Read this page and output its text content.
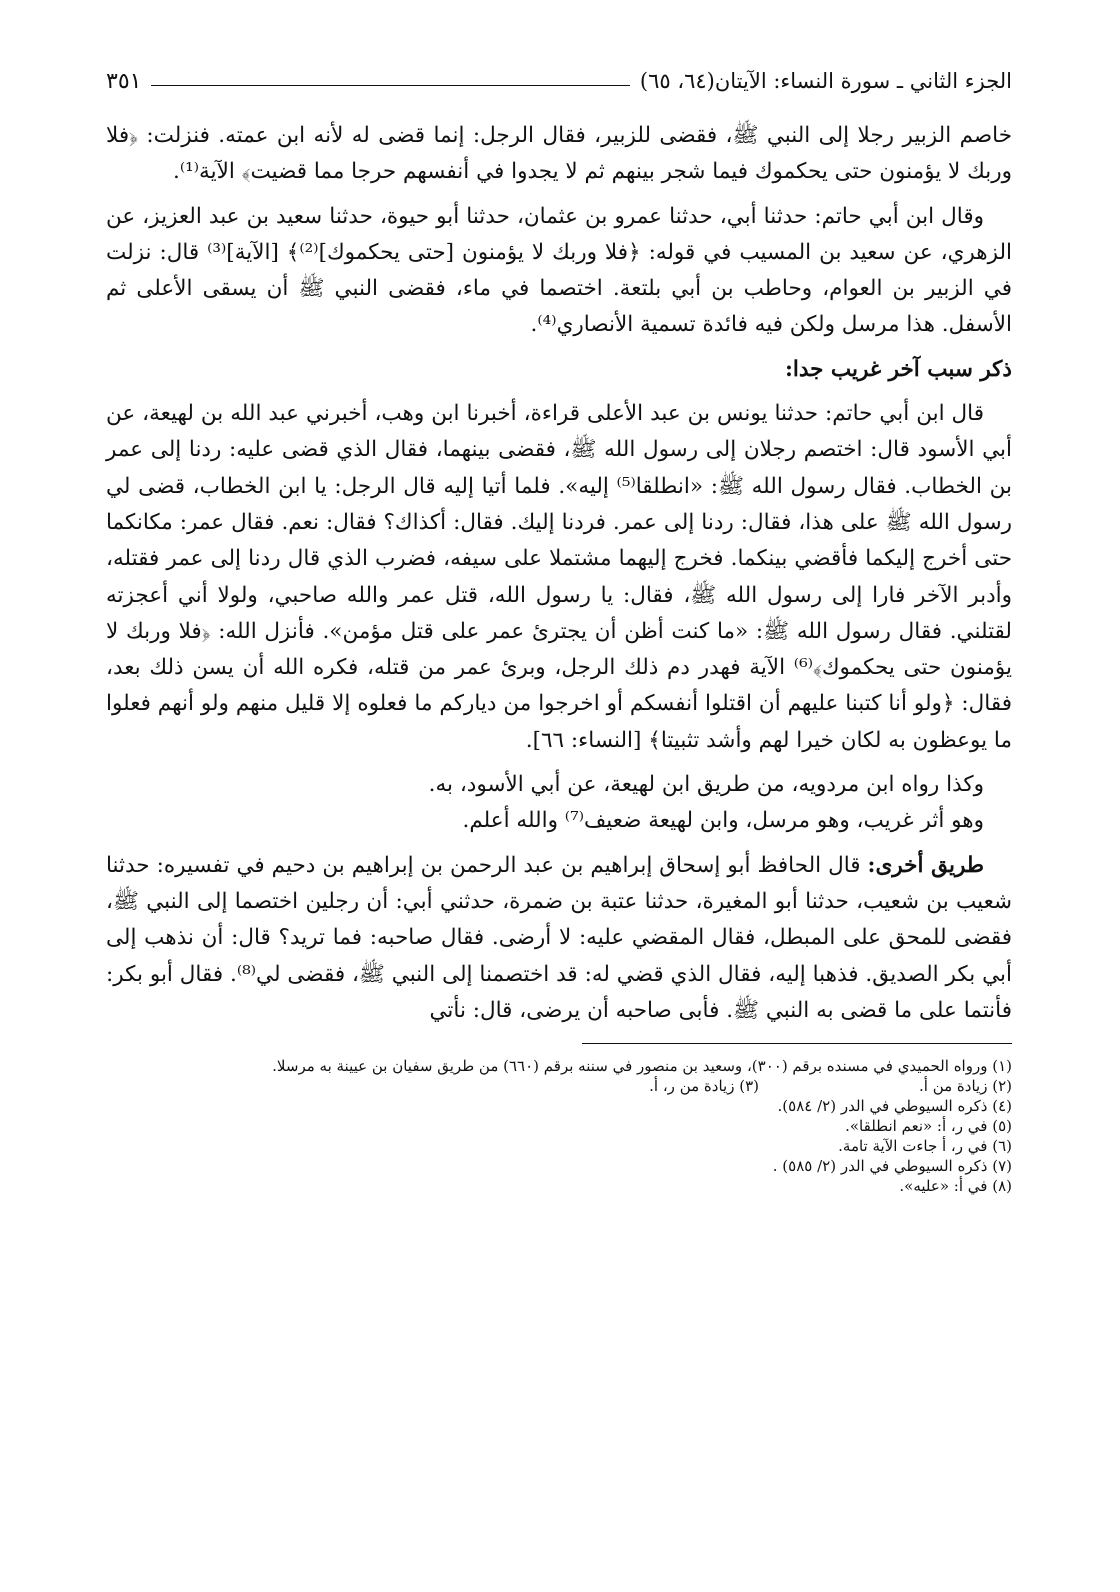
الجزء الثاني ـ سورة النساء: الآيتان(٦٤، ٦٥)
٣٥١

خاصم الزبير رجلا إلى النبي ﷺ، فقضى للزبير، فقال الرجل: إنما قضى له لأنه ابن عمته. فنزلت: ﴿فلا وربك لا يؤمنون حتى يحكموك فيما شجر بينهم ثم لا يجدوا في أنفسهم حرجا مما قضيت﴾ الآية⁽¹⁾.

وقال ابن أبي حاتم: حدثنا أبي، حدثنا عمرو بن عثمان، حدثنا أبو حيوة، حدثنا سعيد بن عبد العزيز، عن الزهري، عن سعيد بن المسيب في قوله: ﴿فلا وربك لا يؤمنون [حتى يحكموك]⁽²⁾﴾ [الآية]⁽³⁾ قال: نزلت في الزبير بن العوام، وحاطب بن أبي بلتعة. اختصما في ماء، فقضى النبي ﷺ أن يسقى الأعلى ثم الأسفل. هذا مرسل ولكن فيه فائدة تسمية الأنصاري⁽⁴⁾.

ذكر سبب آخر غريب جدا:

قال ابن أبي حاتم: حدثنا يونس بن عبد الأعلى قراءة، أخبرنا ابن وهب، أخبرني عبد الله بن لهيعة، عن أبي الأسود قال: اختصم رجلان إلى رسول الله ﷺ، فقضى بينهما، فقال الذي قضى عليه: ردنا إلى عمر بن الخطاب. فقال رسول الله ﷺ: «انطلقا⁽⁵⁾ إليه». فلما أتيا إليه قال الرجل: يا ابن الخطاب، قضى لي رسول الله ﷺ على هذا، فقال: ردنا إلى عمر. فردنا إليك. فقال: أكذاك؟ فقال: نعم. فقال عمر: مكانكما حتى أخرج إليكما فأقضي بينكما. فخرج إليهما مشتملا على سيفه، فضرب الذي قال ردنا إلى عمر فقتله، وأدبر الآخر فارا إلى رسول الله ﷺ، فقال: يا رسول الله، قتل عمر والله صاحبي، ولولا أني أعجزته لقتلني. فقال رسول الله ﷺ: «ما كنت أظن أن يجترئ عمر على قتل مؤمن». فأنزل الله: ﴿فلا وربك لا يؤمنون حتى يحكموك﴾⁽⁶⁾ الآية فهدر دم ذلك الرجل، وبرئ عمر من قتله، فكره الله أن يسن ذلك بعد، فقال: ﴿ولو أنا كتبنا عليهم أن اقتلوا أنفسكم أو اخرجوا من دياركم ما فعلوه إلا قليل منهم ولو أنهم فعلوا ما يوعظون به لكان خيرا لهم وأشد تثبيتا﴾ [النساء: ٦٦].

وكذا رواه ابن مردويه، من طريق ابن لهيعة، عن أبي الأسود، به.

وهو أثر غريب، وهو مرسل، وابن لهيعة ضعيف⁽⁷⁾ والله أعلم.

طريق أخرى: قال الحافظ أبو إسحاق إبراهيم بن عبد الرحمن بن إبراهيم بن دحيم في تفسيره: حدثنا شعيب بن شعيب، حدثنا أبو المغيرة، حدثنا عتبة بن ضمرة، حدثني أبي: أن رجلين اختصما إلى النبي ﷺ، فقضى للمحق على المبطل، فقال المقضي عليه: لا أرضى. فقال صاحبه: فما تريد؟ قال: أن نذهب إلى أبي بكر الصديق. فذهبا إليه، فقال الذي قضي له: قد اختصمنا إلى النبي ﷺ، فقضى لي⁽⁸⁾. فقال أبو بكر: فأنتما على ما قضى به النبي ﷺ. فأبى صاحبه أن يرضى، قال: نأتي

(١) ورواه الحميدي في مسنده برقم (٣٠٠)، وسعيد بن منصور في سننه برقم (٦٦٠) من طريق سفيان بن عيينة به مرسلا.

(٢) زيادة من أ.
(٣) زيادة من ر، أ.

(٤) ذكره السيوطي في الدر (٢/ ٥٨٤).

(٥) في ر، أ: «نعم انطلقا».

(٦) في ر، أ جاءت الآية تامة.

(٧) ذكره السيوطي في الدر (٢/ ٥٨٥) .

(٨) في أ: «عليه».
